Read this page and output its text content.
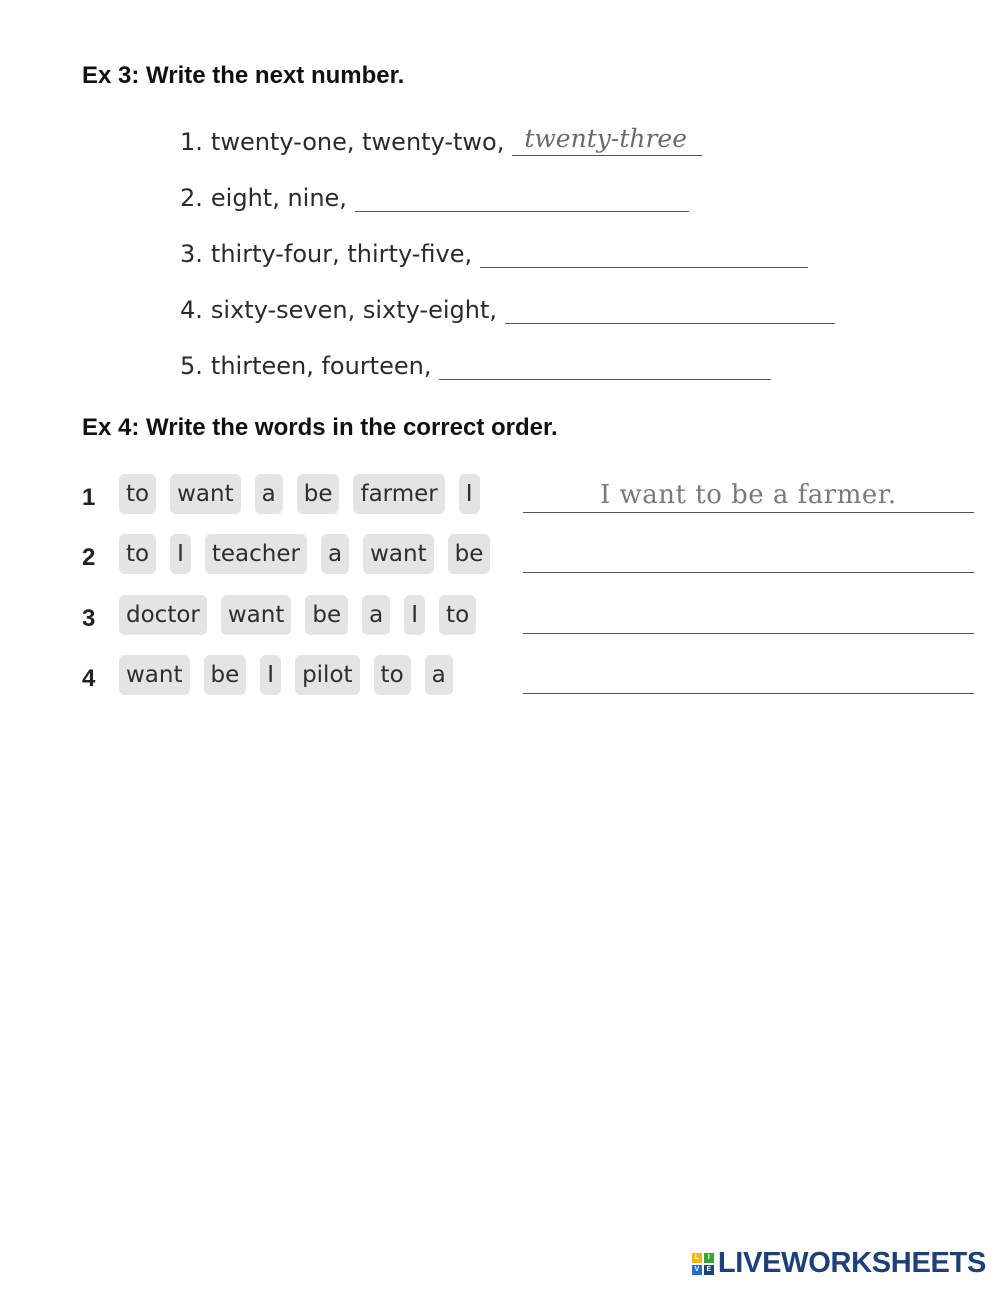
Ex 3: Write the next number.
1. twenty-one, twenty-two, twenty-three
2. eight, nine,
3. thirty-four, thirty-five,
4. sixty-seven, sixty-eight,
5. thirteen, fourteen,
Ex 4: Write the words in the correct order.
1	to	want	a	be	farmer	I	I want to be a farmer.
2	to	I	teacher	a	want	be
3	doctor	want	be	a	I	to
4	want	be	I	pilot	to	a
L	I
V	E LIVEWORKSHEETS
